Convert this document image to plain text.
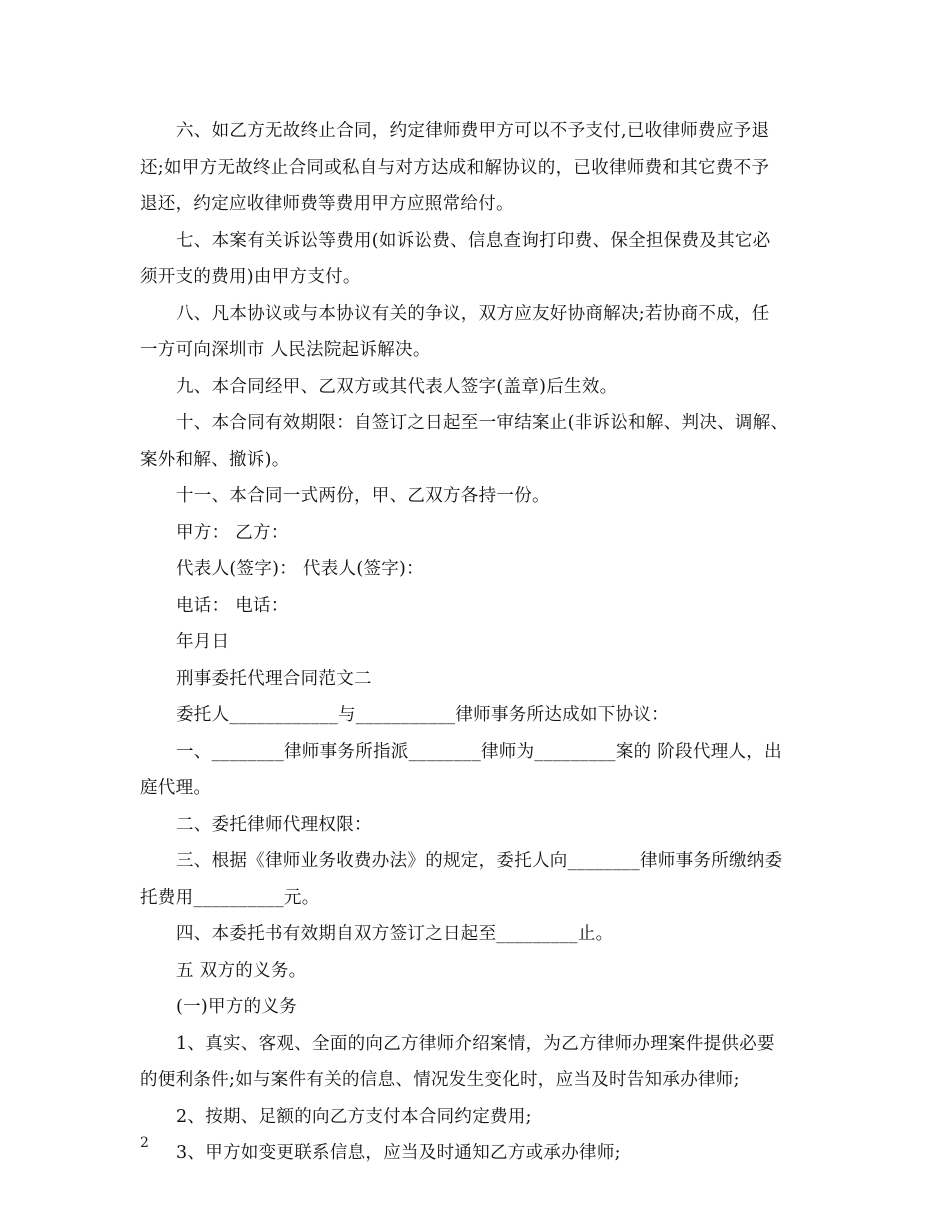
六、如乙方无故终止合同，约定律师费甲方可以不予支付,已收律师费应予退
还;如甲方无故终止合同或私自与对方达成和解协议的，已收律师费和其它费不予
退还，约定应收律师费等费用甲方应照常给付。
七、本案有关诉讼等费用(如诉讼费、信息查询打印费、保全担保费及其它必
须开支的费用)由甲方支付。
八、凡本协议或与本协议有关的争议，双方应友好协商解决;若协商不成，任
一方可向深圳市 人民法院起诉解决。
九、本合同经甲、乙双方或其代表人签字(盖章)后生效。
十、本合同有效期限：自签订之日起至一审结案止(非诉讼和解、判决、调解、
案外和解、撤诉)。
十一、本合同一式两份，甲、乙双方各持一份。
甲方： 乙方：
代表人(签字)： 代表人(签字)：
电话： 电话：
年月日
刑事委托代理合同范文二
委托人____________与___________律师事务所达成如下协议：
一、________律师事务所指派________律师为_________案的 阶段代理人，出
庭代理。
二、委托律师代理权限：
三、根据《律师业务收费办法》的规定，委托人向________律师事务所缴纳委
托费用__________元。
四、本委托书有效期自双方签订之日起至_________止。
五 双方的义务。
(一)甲方的义务
1、真实、客观、全面的向乙方律师介绍案情，为乙方律师办理案件提供必要
的便利条件;如与案件有关的信息、情况发生变化时，应当及时告知承办律师;
2、按期、足额的向乙方支付本合同约定费用;
3、甲方如变更联系信息，应当及时通知乙方或承办律师;
2
